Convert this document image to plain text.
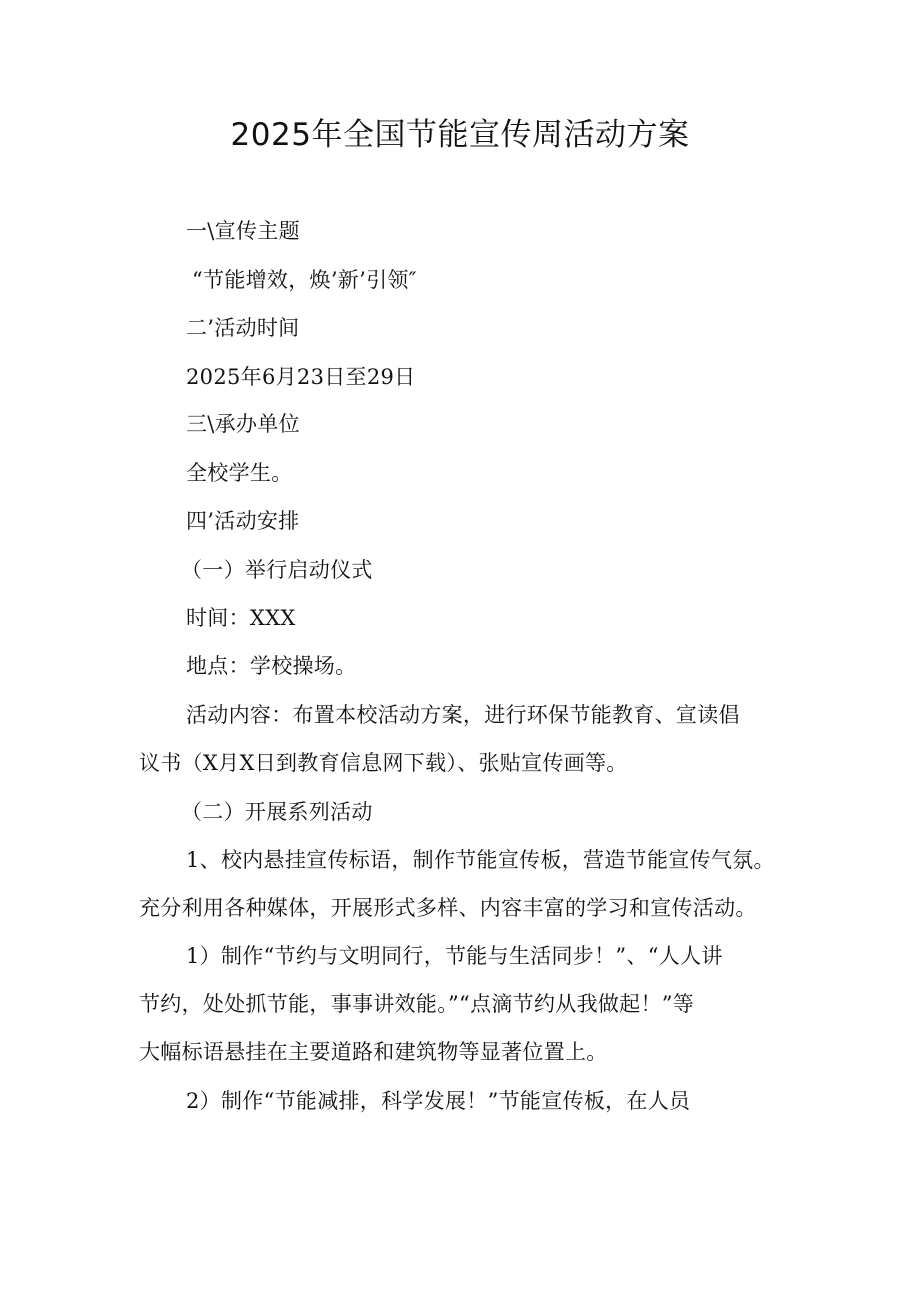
2025年全国节能宣传周活动方案
一\宣传主题
“节能增效，焕’新’引领″
二’活动时间
2025年6月23日至29日
三\承办单位
全校学生。
四’活动安排
（一）举行启动仪式
时间：XXX
地点：学校操场。
活动内容：布置本校活动方案，进行环保节能教育、宣读倡
议书（X月X日到教育信息网下载）、张贴宣传画等。
（二）开展系列活动
1、校内悬挂宣传标语，制作节能宣传板，营造节能宣传气氛。
充分利用各种媒体，开展形式多样、内容丰富的学习和宣传活动。
1）制作“节约与文明同行，节能与生活同步！”、“人人讲
节约，处处抓节能，事事讲效能。”“点滴节约从我做起！”等
大幅标语悬挂在主要道路和建筑物等显著位置上。
2）制作“节能减排，科学发展！”节能宣传板，在人员
